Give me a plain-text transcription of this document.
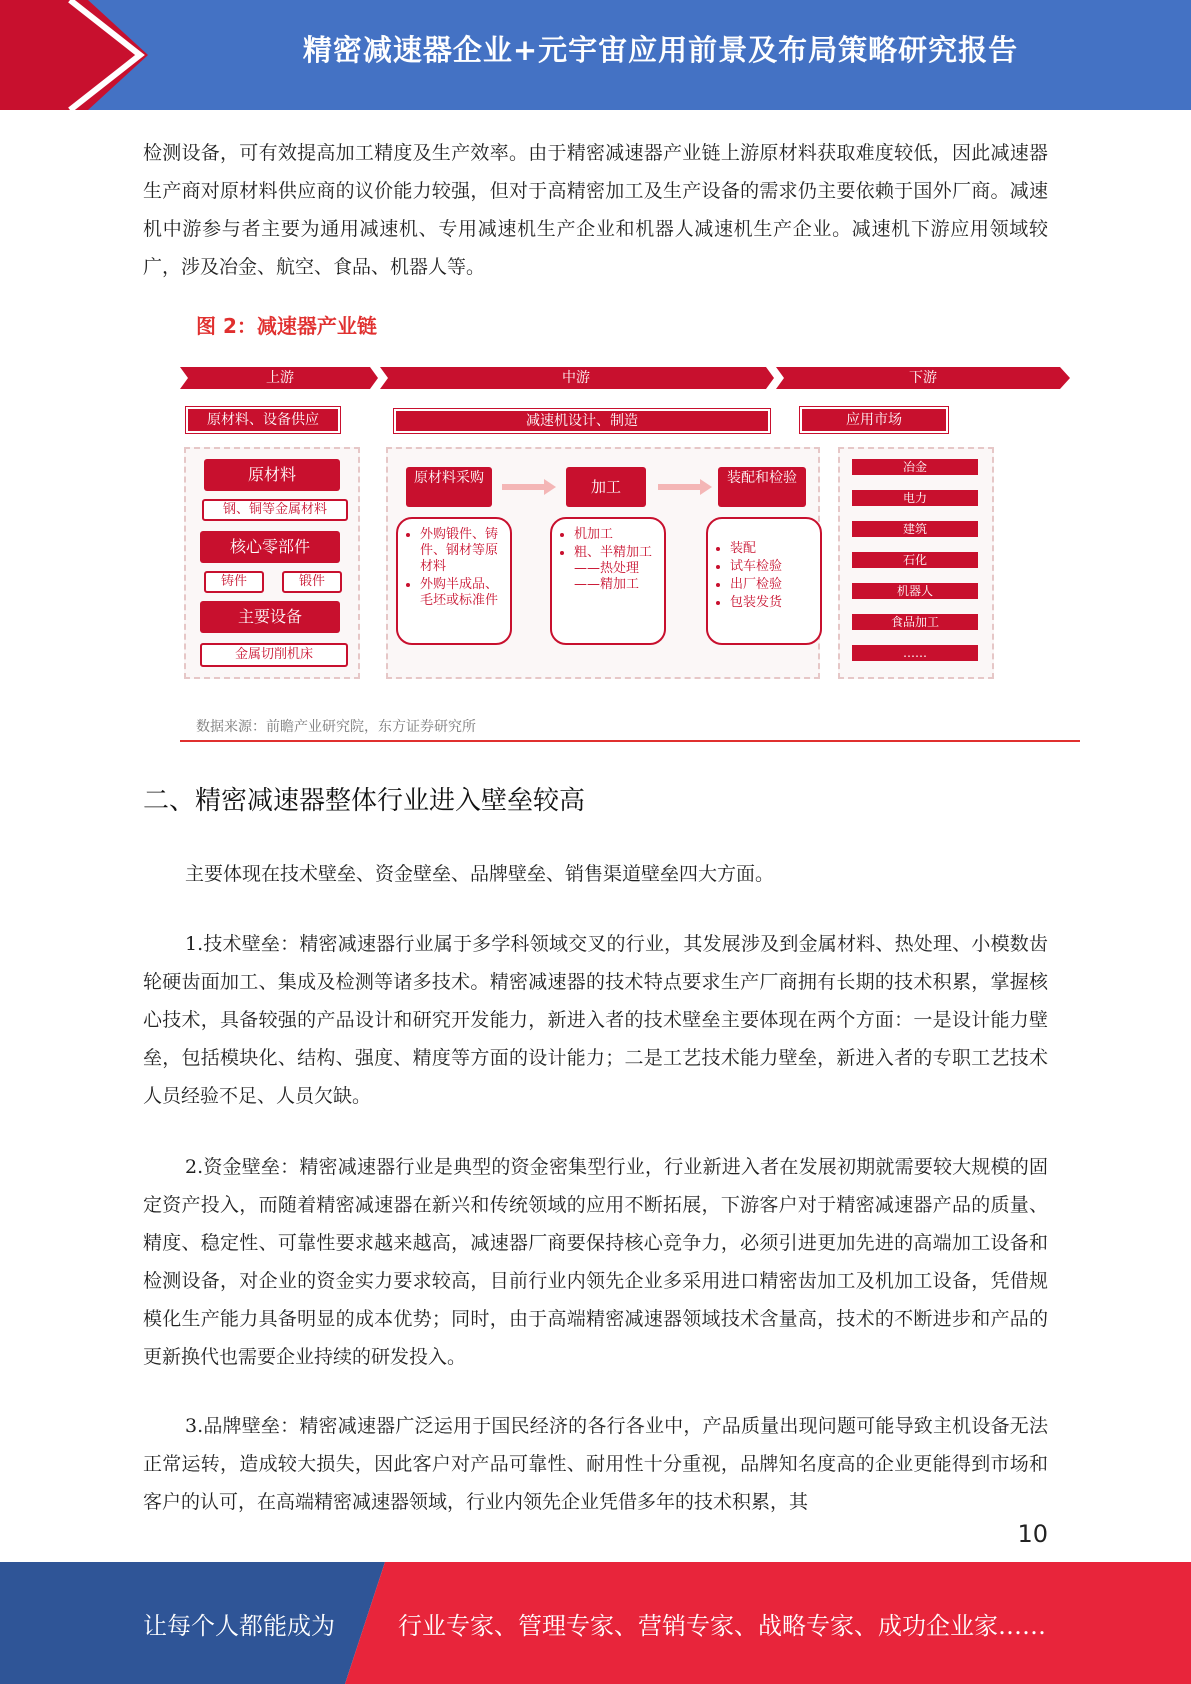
精密减速器企业+元宇宙应用前景及布局策略研究报告

检测设备，可有效提高加工精度及生产效率。由于精密减速器产业链上游原材料获取难度较低，因此减速器生产商对原材料供应商的议价能力较强，但对于高精密加工及生产设备的需求仍主要依赖于国外厂商。减速机中游参与者主要为通用减速机、专用减速机生产企业和机器人减速机生产企业。减速机下游应用领域较广，涉及冶金、航空、食品、机器人等。

图 2：减速器产业链
上游	中游	下游
原材料、设备供应	减速机设计、制造	应用市场
原材料
钢、铜等金属材料
核心零部件
铸件	锻件
主要设备
金属切削机床
原材料采购
• 外购锻件、铸件、钢材等原材料
• 外购半成品、毛坯或标准件
加工
• 机加工
• 粗、半精加工——热处理——精加工
装配和检验
• 装配
• 试车检验
• 出厂检验
• 包装发货
冶金
电力
建筑
石化
机器人
食品加工
……
数据来源：前瞻产业研究院，东方证券研究所
二、精密减速器整体行业进入壁垒较高

主要体现在技术壁垒、资金壁垒、品牌壁垒、销售渠道壁垒四大方面。

1.技术壁垒：精密减速器行业属于多学科领域交叉的行业，其发展涉及到金属材料、热处理、小模数齿轮硬齿面加工、集成及检测等诸多技术。精密减速器的技术特点要求生产厂商拥有长期的技术积累，掌握核心技术，具备较强的产品设计和研究开发能力，新进入者的技术壁垒主要体现在两个方面：一是设计能力壁垒，包括模块化、结构、强度、精度等方面的设计能力；二是工艺技术能力壁垒，新进入者的专职工艺技术人员经验不足、人员欠缺。

2.资金壁垒：精密减速器行业是典型的资金密集型行业，行业新进入者在发展初期就需要较大规模的固定资产投入，而随着精密减速器在新兴和传统领域的应用不断拓展，下游客户对于精密减速器产品的质量、精度、稳定性、可靠性要求越来越高，减速器厂商要保持核心竞争力，必须引进更加先进的高端加工设备和检测设备，对企业的资金实力要求较高，目前行业内领先企业多采用进口精密齿加工及机加工设备，凭借规模化生产能力具备明显的成本优势；同时，由于高端精密减速器领域技术含量高，技术的不断进步和产品的更新换代也需要企业持续的研发投入。

3.品牌壁垒：精密减速器广泛运用于国民经济的各行各业中，产品质量出现问题可能导致主机设备无法正常运转，造成较大损失，因此客户对产品可靠性、耐用性十分重视，品牌知名度高的企业更能得到市场和客户的认可，在高端精密减速器领域，行业内领先企业凭借多年的技术积累，其

10
让每个人都能成为	行业专家、管理专家、营销专家、战略专家、成功企业家……
